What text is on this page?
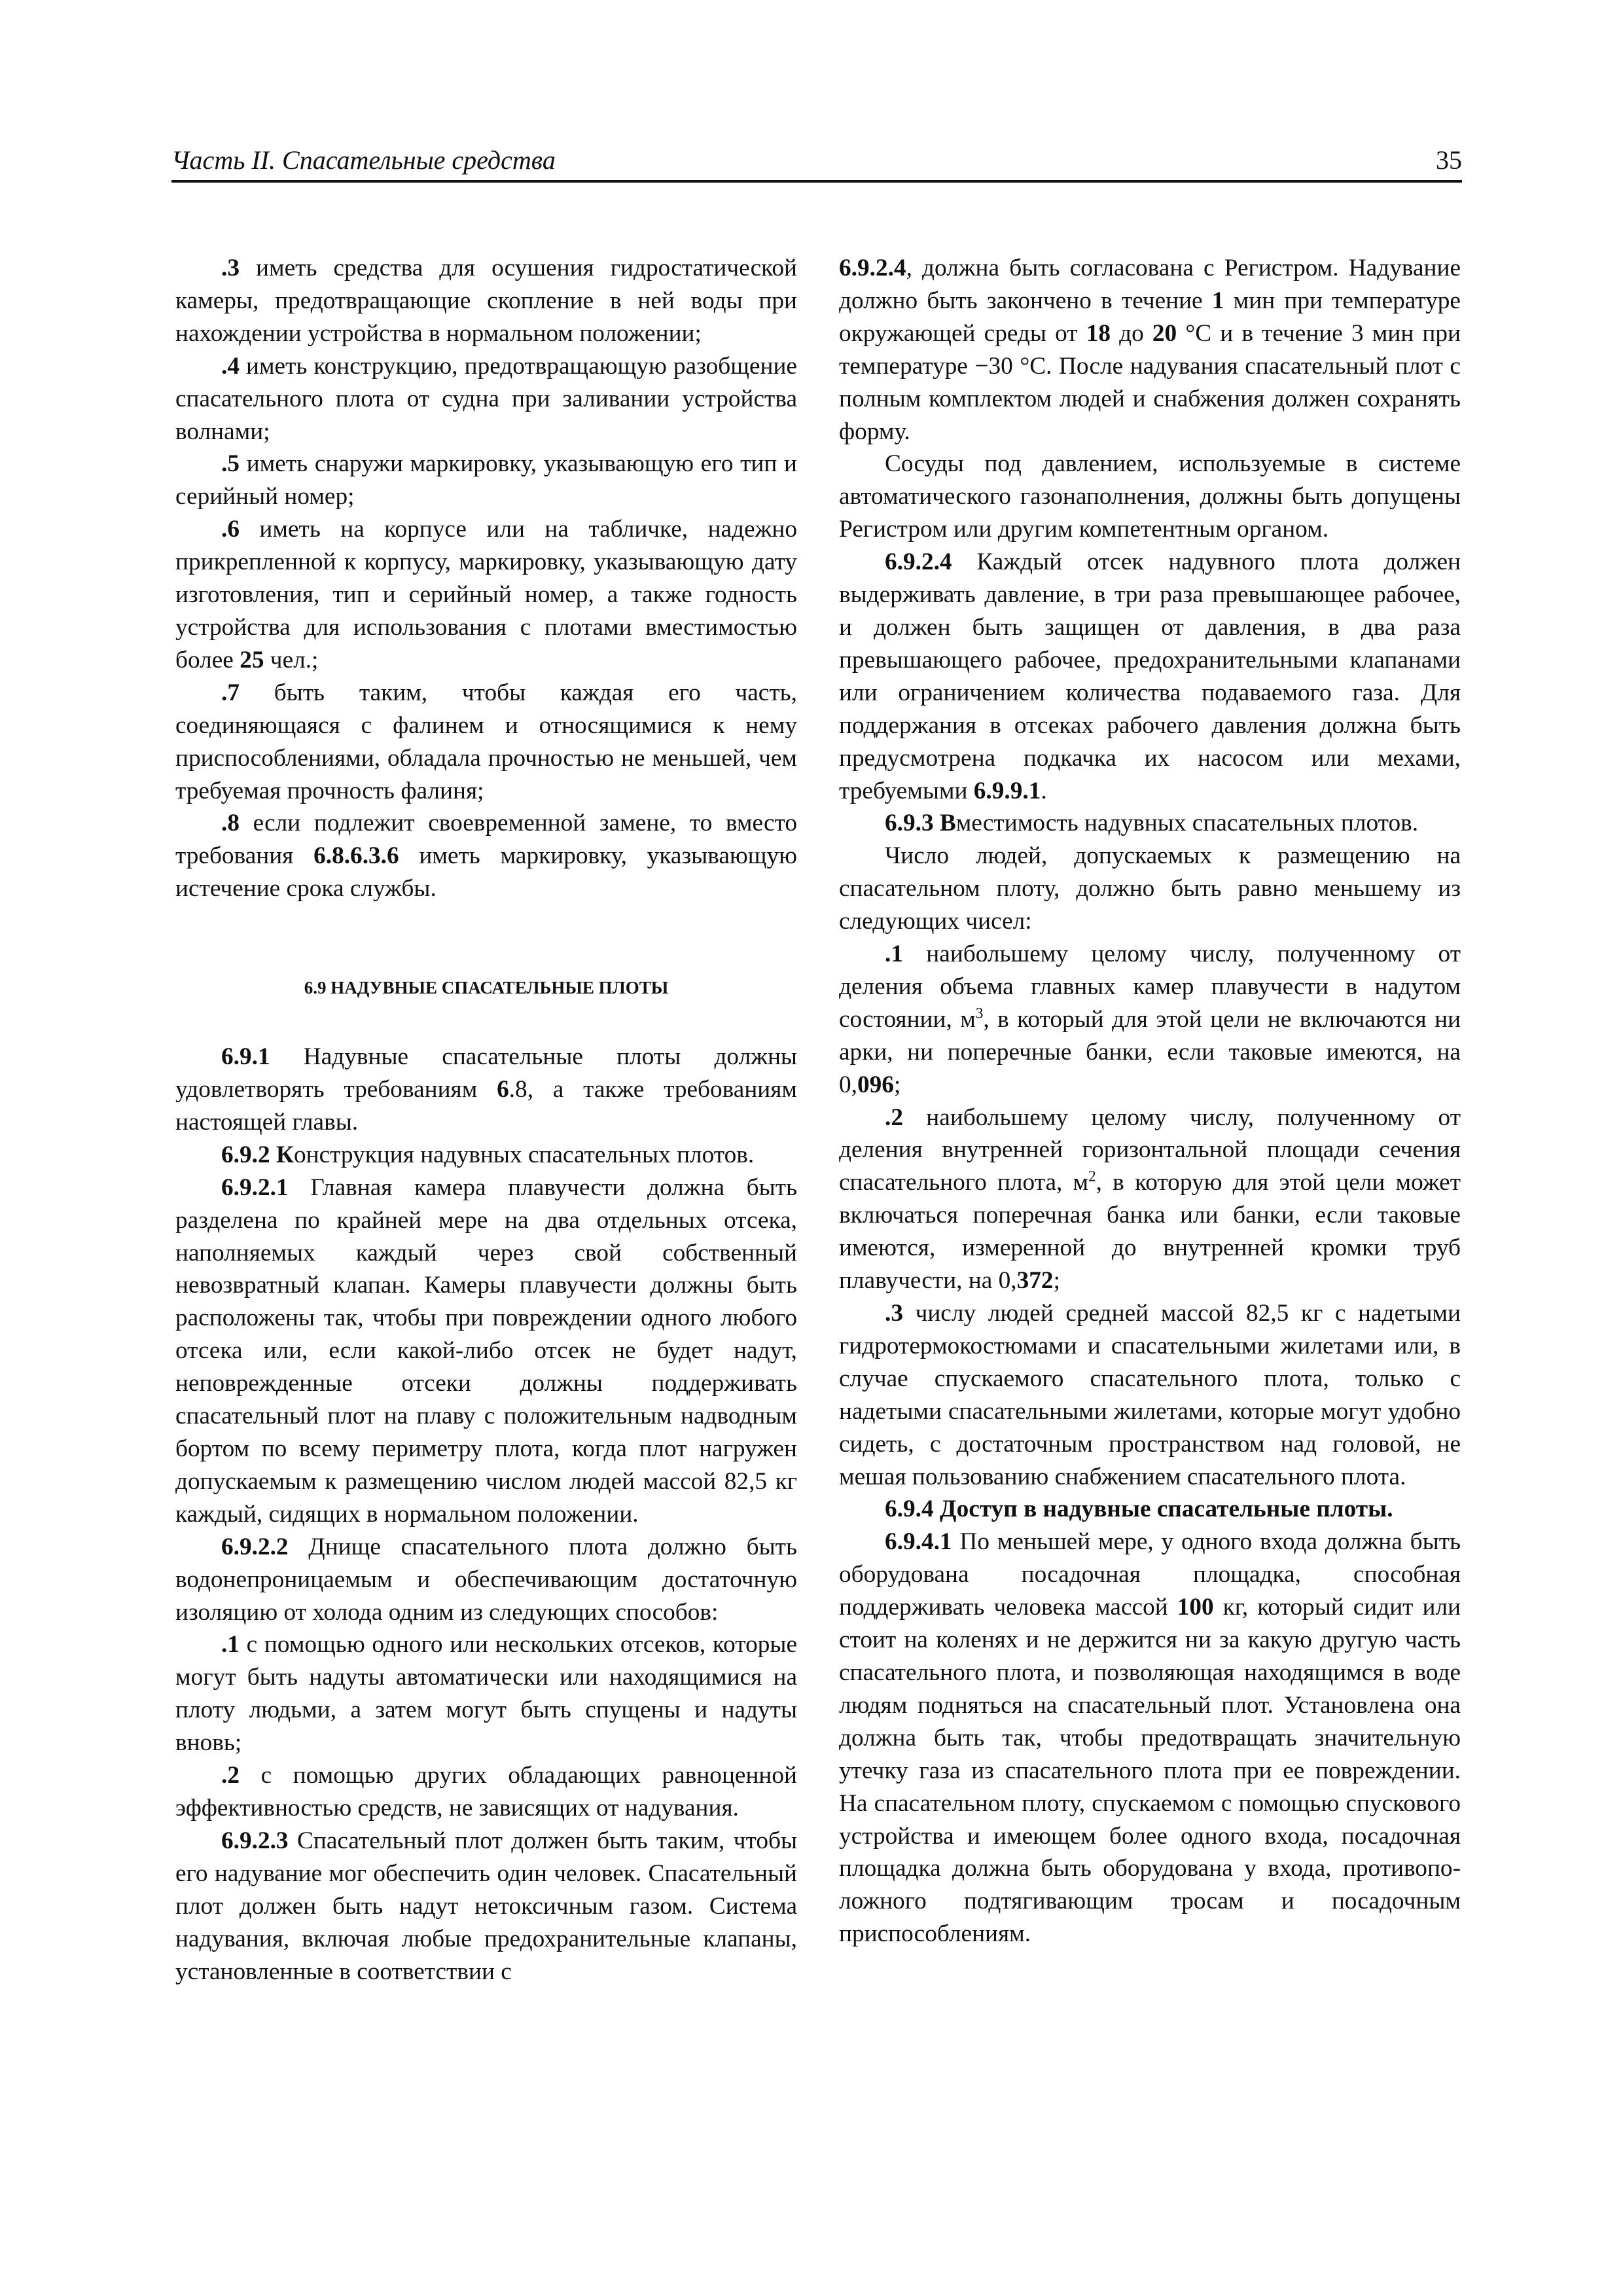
Часть II. Спасательные средства	35

.3 иметь средства для осушения гидростатической камеры, предотвращающие скопление в ней воды при нахождении устройства в нормальном положении;

.4 иметь конструкцию, предотвращающую разобщение спасательного плота от судна при заливании устройства волнами;

.5 иметь снаружи маркировку, указывающую его тип и серийный номер;

.6 иметь на корпусе или на табличке, надежно прикрепленной к корпусу, маркировку, указывающую дату изготовления, тип и серийный номер, а также годность устройства для использования с плотами вместимостью более 25 чел.;

.7 быть таким, чтобы каждая его часть, соединяющаяся с фалинем и относящимися к нему приспособлениями, обладала прочностью не меньшей, чем требуемая прочность фалиня;

.8 если подлежит своевременной замене, то вместо требования 6.8.6.3.6 иметь маркировку, указывающую истечение срока службы.

6.9 НАДУВНЫЕ СПАСАТЕЛЬНЫЕ ПЛОТЫ

6.9.1 Надувные спасательные плоты должны удовлетворять требованиям 6.8, а также требованиям настоящей главы.

6.9.2 Конструкция надувных спасательных плотов.

6.9.2.1 Главная камера плавучести должна быть разделена по крайней мере на два отдельных отсека, наполняемых каждый через свой собственный невозвратный клапан. Камеры плавучести должны быть расположены так, чтобы при повреждении одного любого отсека или, если какой-либо отсек не будет надут, неповрежденные отсеки должны поддерживать спасательный плот на плаву с положительным надводным бортом по всему периметру плота, когда плот нагружен допускаемым к размещению числом людей массой 82,5 кг каждый, сидящих в нормальном положении.

6.9.2.2 Днище спасательного плота должно быть водонепроницаемым и обеспечивающим достаточную изоляцию от холода одним из следующих способов:

.1 с помощью одного или нескольких отсеков, которые могут быть надуты автоматически или находящимися на плоту людьми, а затем могут быть спущены и надуты вновь;

.2 с помощью других обладающих равноценной эффективностью средств, не зависящих от надувания.

6.9.2.3 Спасательный плот должен быть таким, чтобы его надувание мог обеспечить один человек. Спасательный плот должен быть надут нетоксичным газом. Система надувания, включая любые предохранительные клапаны, установленные в соответствии с

6.9.2.4, должна быть согласована с Регистром. Надувание должно быть закончено в течение 1 мин при температуре окружающей среды от 18 до 20 °С и в течение 3 мин при температуре −30 °С. После надувания спасательный плот с полным комплектом людей и снабжения должен сохранять форму.

Сосуды под давлением, используемые в системе автоматического газонаполнения, должны быть допущены Регистром или другим компетентным органом.

6.9.2.4 Каждый отсек надувного плота должен выдерживать давление, в три раза превышающее рабочее, и должен быть защищен от давления, в два раза превышающего рабочее, предохранительными клапанами или ограничением количества подаваемого газа. Для поддержания в отсеках рабочего давления должна быть предусмотрена подкачка их насосом или мехами, требуемыми 6.9.9.1.

6.9.3 Вместимость надувных спасательных плотов.

Число людей, допускаемых к размещению на спасательном плоту, должно быть равно меньшему из следующих чисел:

.1 наибольшему целому числу, полученному от деления объема главных камер плавучести в надутом состоянии, $м^3$, в который для этой цели не включаются ни арки, ни поперечные банки, если таковые имеются, на 0,096;

.2 наибольшему целому числу, полученному от деления внутренней горизонтальной площади сечения спасательного плота, $м^2$, в которую для этой цели может включаться поперечная банка или банки, если таковые имеются, измеренной до внутренней кромки труб плавучести, на 0,372;

.3 числу людей средней массой 82,5 кг с надетыми гидротермокостюмами и спасательными жилетами или, в случае спускаемого спасательного плота, только с надетыми спасательными жилетами, которые могут удобно сидеть, с достаточным пространством над головой, не мешая пользованию снабжением спасательного плота.

6.9.4 Доступ в надувные спасательные плоты.

6.9.4.1 По меньшей мере, у одного входа должна быть оборудована посадочная площадка, способная поддерживать человека массой 100 кг, который сидит или стоит на коленях и не держится ни за какую другую часть спасательного плота, и позволяющая находящимся в воде людям подняться на спасательный плот. Установлена она должна быть так, чтобы предотвращать значительную утечку газа из спасательного плота при ее повреждении. На спасательном плоту, спускаемом с помощью спускового устройства и имеющем более одного входа, посадочная площадка должна быть оборудована у входа, противоположного подтягивающим тросам и посадочным приспособлениям.
